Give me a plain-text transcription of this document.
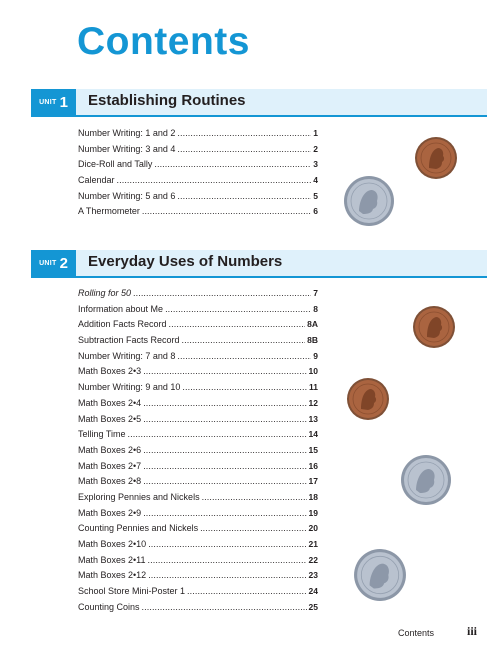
Contents
UNIT 1 Establishing Routines
Number Writing: 1 and 2 . . .	1
Number Writing: 3 and 4 . . .	2
Dice-Roll and Tally . . .	3
Calendar . . .	4
Number Writing: 5 and 6 . . .	5
A Thermometer . . .	6
UNIT 2 Everyday Uses of Numbers
Rolling for 50 . . .	7
Information about Me . . .	8
Addition Facts Record . . .	8A
Subtraction Facts Record . . .	8B
Number Writing: 7 and 8 . . .	9
Math Boxes 2•3 . . .	10
Number Writing: 9 and 10 . . .	11
Math Boxes 2•4 . . .	12
Math Boxes 2•5 . . .	13
Telling Time . . .	14
Math Boxes 2•6 . . .	15
Math Boxes 2•7 . . .	16
Math Boxes 2•8 . . .	17
Exploring Pennies and Nickels . . .	18
Math Boxes 2•9 . . .	19
Counting Pennies and Nickels . . .	20
Math Boxes 2•10 . . .	21
Math Boxes 2•11 . . .	22
Math Boxes 2•12 . . .	23
School Store Mini-Poster 1 . . .	24
Counting Coins . . .	25
Contents	iii
